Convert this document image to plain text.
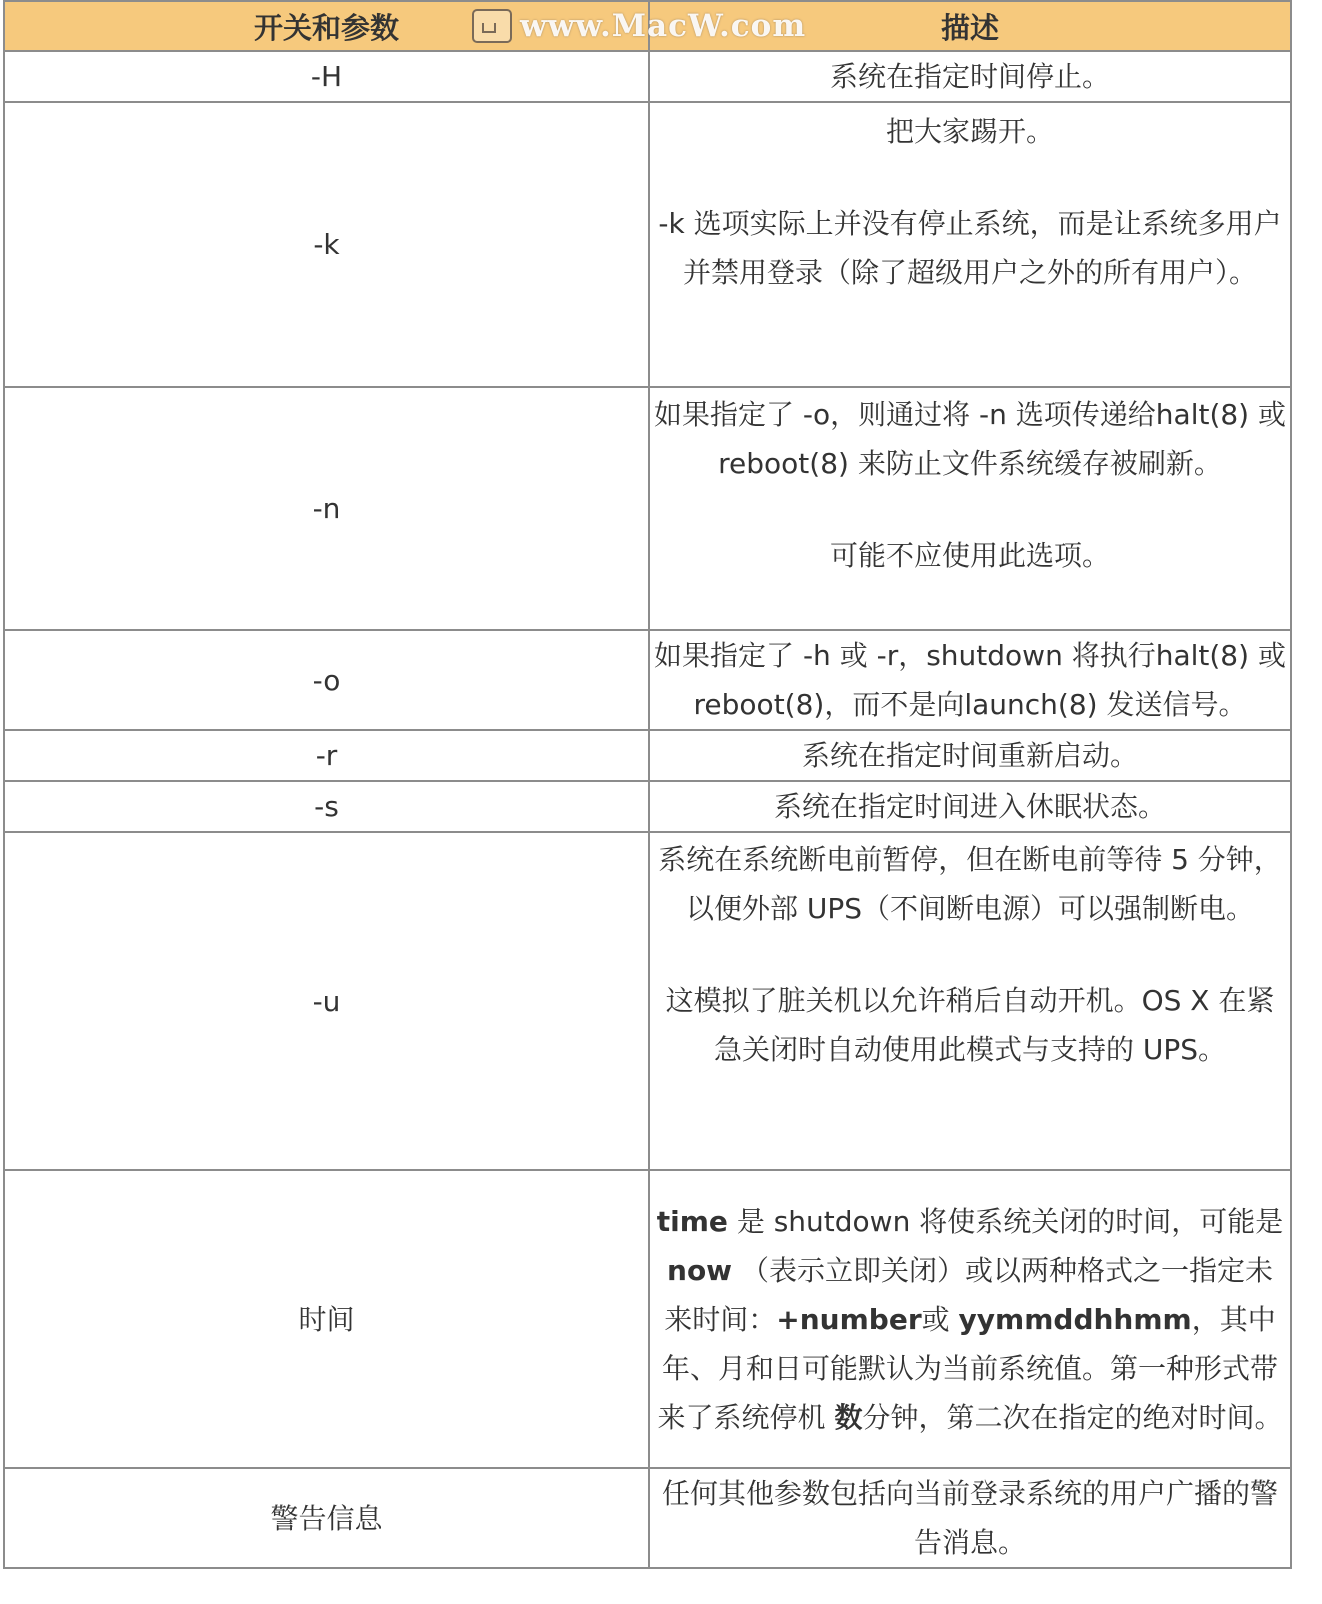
开关和参数	描述
-H	系统在指定时间停止。

-k	把大家踢开。

-k 选项实际上并没有停止系统，而是让系统多用户并禁用登录（除了超级用户之外的所有用户）。

-n	如果指定了 -o，则通过将 -n 选项传递给halt(8) 或reboot(8) 来防止文件系统缓存被刷新。

可能不应使用此选项。

-o	如果指定了 -h 或 -r，shutdown 将执行halt(8) 或reboot(8)，而不是向launch(8) 发送信号。

-r	系统在指定时间重新启动。

-s	系统在指定时间进入休眠状态。

-u	系统在系统断电前暂停，但在断电前等待 5 分钟，以便外部 UPS（不间断电源）可以强制断电。

这模拟了脏关机以允许稍后自动开机。OS X 在紧急关闭时自动使用此模式与支持的 UPS。

时间	time 是 shutdown 将使系统关闭的时间，可能是 now （表示立即关闭）或以两种格式之一指定未来时间：+number或 yymmddhhmm，其中年、月和日可能默认为当前系统值。第一种形式带来了系统停机 数分钟，第二次在指定的绝对时间。

警告信息	任何其他参数包括向当前登录系统的用户广播的警告消息。

www.MacW.com
